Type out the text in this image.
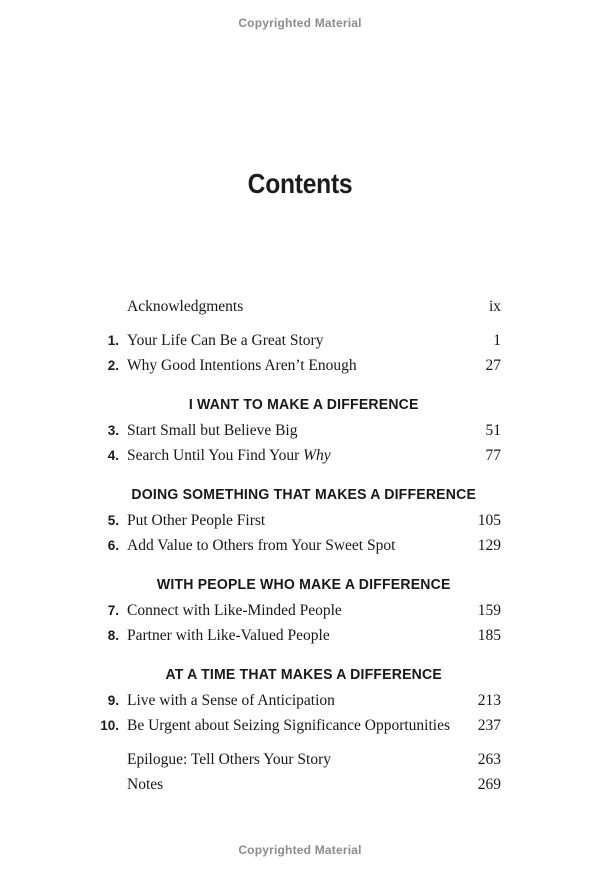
Copyrighted Material
Contents
Acknowledgments	ix
1. Your Life Can Be a Great Story	1
2. Why Good Intentions Aren’t Enough	27
I WANT TO MAKE A DIFFERENCE
3. Start Small but Believe Big	51
4. Search Until You Find Your Why	77
DOING SOMETHING THAT MAKES A DIFFERENCE
5. Put Other People First	105
6. Add Value to Others from Your Sweet Spot	129
WITH PEOPLE WHO MAKE A DIFFERENCE
7. Connect with Like-Minded People	159
8. Partner with Like-Valued People	185
AT A TIME THAT MAKES A DIFFERENCE
9. Live with a Sense of Anticipation	213
10. Be Urgent about Seizing Significance Opportunities	237
Epilogue: Tell Others Your Story	263
Notes	269
Copyrighted Material
